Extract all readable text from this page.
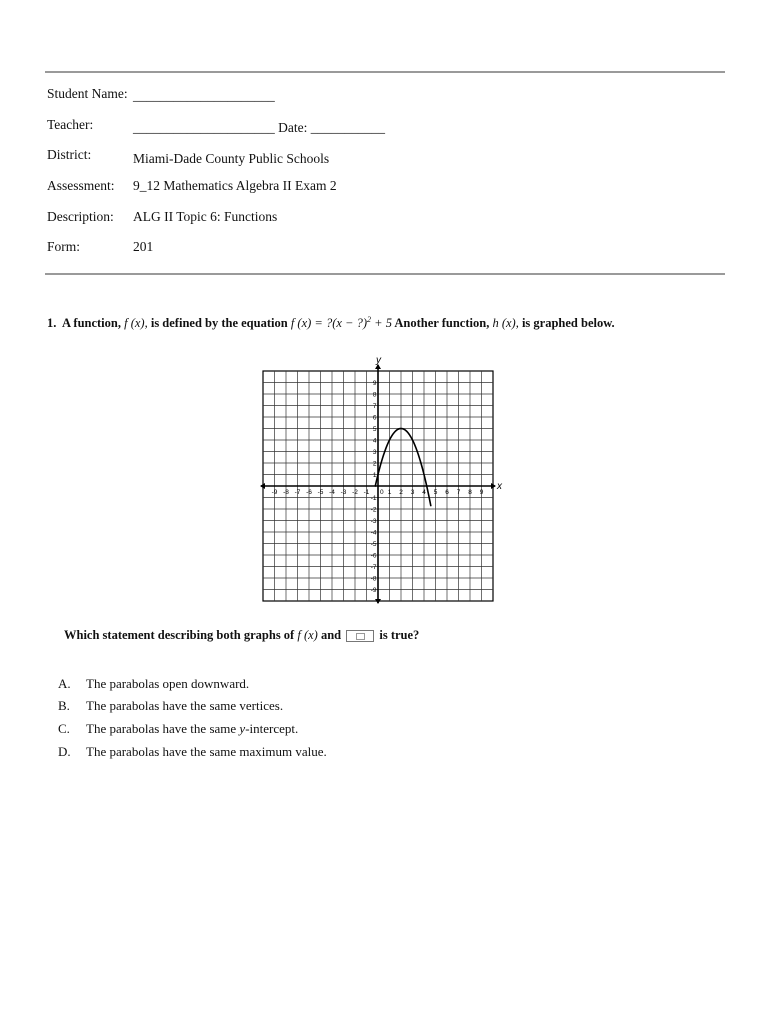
Student Name: _____________________
Teacher:	_____________________ Date: ___________
District:	Miami-Dade County Public Schools
Assessment: 9_12 Mathematics Algebra II Exam 2
Description: ALG II Topic 6: Functions
Form:	201
1. A function, f (x), is defined by the equation f (x) = ?(x − ?)$^2$ + 5 Another function, h (x), is graphed below.
-9 -8 -7 -6 -5 -4 -3 -2 -1	1 2 3 4 5 6 7 8 9
0
9
8
7
6
5
4
3
2
1
-1
-2
-3
-4
-5
-6
-7
-8
-9
x
y
Which statement describing both graphs of f (x) and	is true?
A. The parabolas open downward.
B. The parabolas have the same vertices.
C. The parabolas have the same y-intercept.
D. The parabolas have the same maximum value.
